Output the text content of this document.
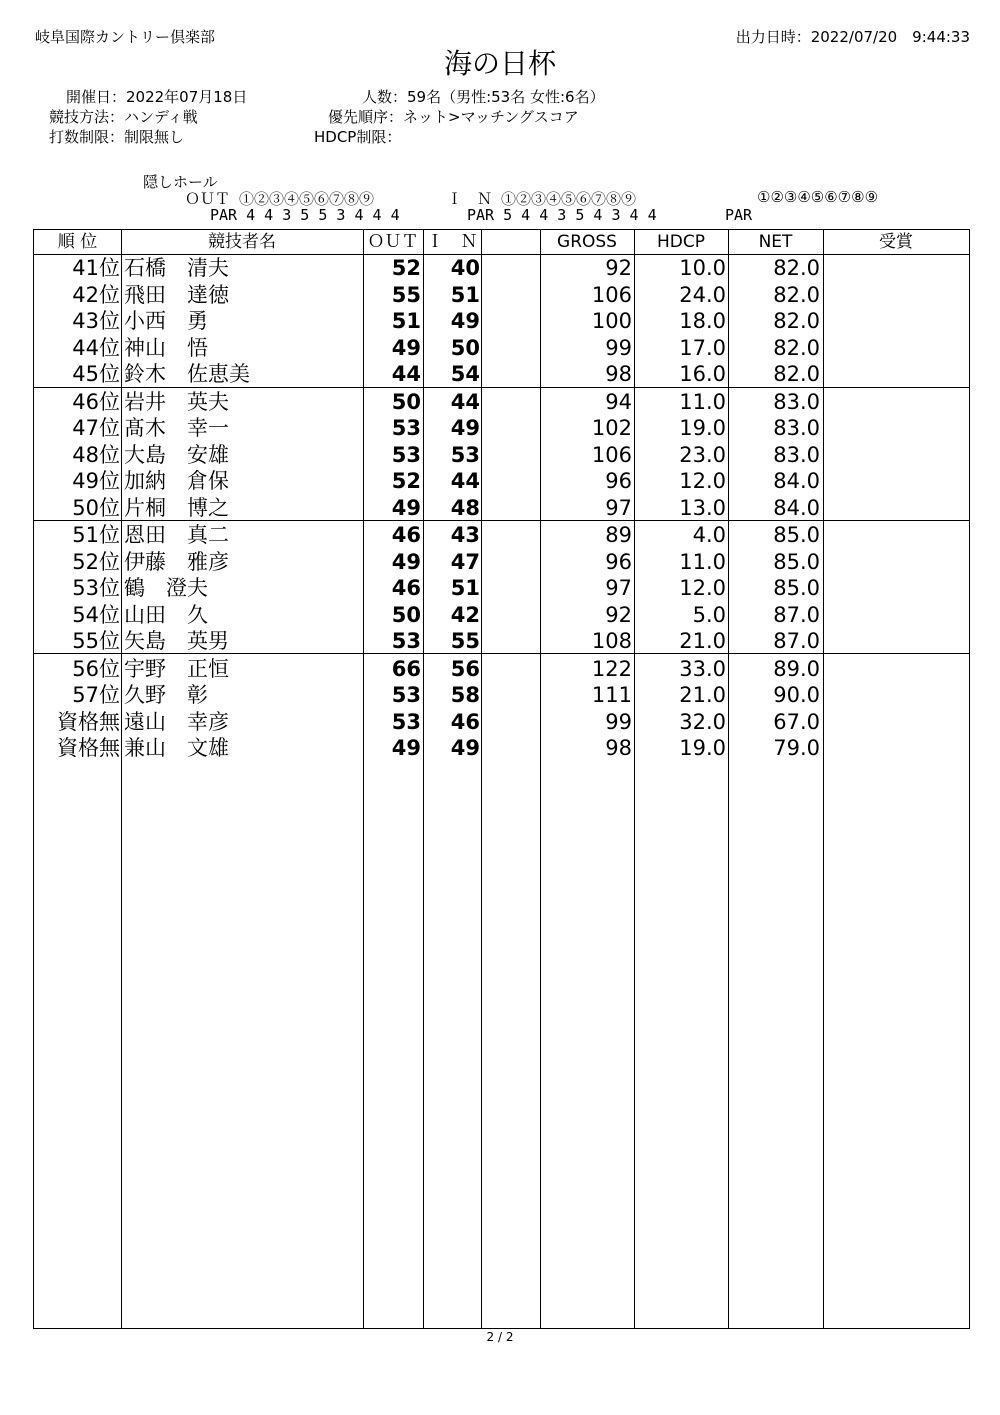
岐阜国際カントリー倶楽部	出力日時：2022/07/20　9:44:33
海の日杯
開催日：2022年07月18日	人数：59名（男性:53名 女性:6名）
競技方法：ハンディ戦	優先順序：ネット>マッチングスコア
打数制限：制限無し	HDCP制限：
隠しホール
ＯＵＴ ①②③④⑤⑥⑦⑧⑨
PAR 4 4 3 5 5 3 4 4 4
Ｉ　Ｎ ①②③④⑤⑥⑦⑧⑨
PAR 5 4 4 3 5 4 3 4 4
①②③④⑤⑥⑦⑧⑨
PAR
順 位	競技者名	ＯＵＴ Ｉ　Ｎ	GROSS	HDCP	NET	受賞
41位 石橋　清夫	52	40	92	10.0	82.0
42位 飛田　達徳	55	51	106	24.0	82.0
43位 小西　勇	51	49	100	18.0	82.0
44位 神山　悟	49	50	99	17.0	82.0
45位 鈴木　佐恵美	44	54	98	16.0	82.0
46位 岩井　英夫	50	44	94	11.0	83.0
47位 髙木　幸一	53	49	102	19.0	83.0
48位 大島　安雄	53	53	106	23.0	83.0
49位 加納　倉保	52	44	96	12.0	84.0
50位 片桐　博之	49	48	97	13.0	84.0
51位 恩田　真二	46	43	89	4.0	85.0
52位 伊藤　雅彦	49	47	96	11.0	85.0
53位 鶴　澄夫	46	51	97	12.0	85.0
54位 山田　久	50	42	92	5.0	87.0
55位 矢島　英男	53	55	108	21.0	87.0
56位 宇野　正恒	66	56	122	33.0	89.0
57位 久野　彰	53	58	111	21.0	90.0
資格無 遠山　幸彦	53	46	99	32.0	67.0
資格無 兼山　文雄	49	49	98	19.0	79.0
2 / 2
